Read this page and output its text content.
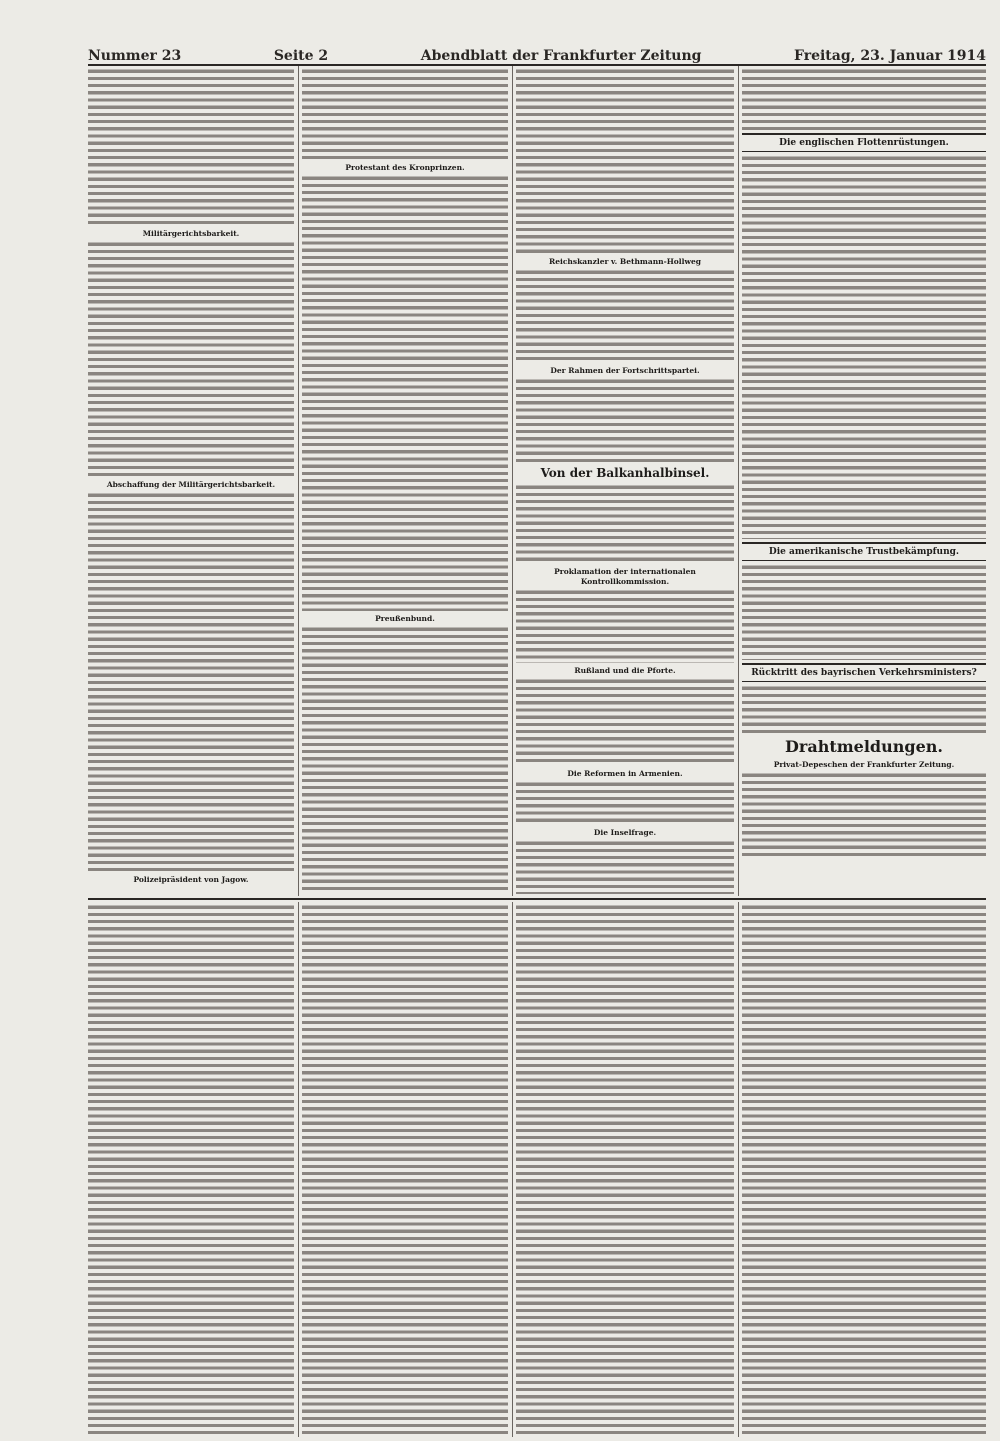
Nummer 23	Seite 2	Abendblatt der Frankfurter Zeitung	Freitag, 23. Januar 1914
Militärgerichtsbarkeit.
Abschaffung der Militärgerichtsbarkeit.
Polizeipräsident von Jagow.
Protestant des Kronprinzen.
Preußenbund.
Reichskanzler v. Bethmann-Hollweg
Der Rahmen der Fortschrittspartei.
Von der Balkanhalbinsel.
Proklamation der internationalen Kontrollkommission.
Rußland und die Pforte.
Die Reformen in Armenien.
Die Inselfrage.
Die englischen Flottenrüstungen.
Die amerikanische Trustbekämpfung.
Rücktritt des bayrischen Verkehrsministers?
Drahtmeldungen.
Privat-Depeschen der Frankfurter Zeitung.
